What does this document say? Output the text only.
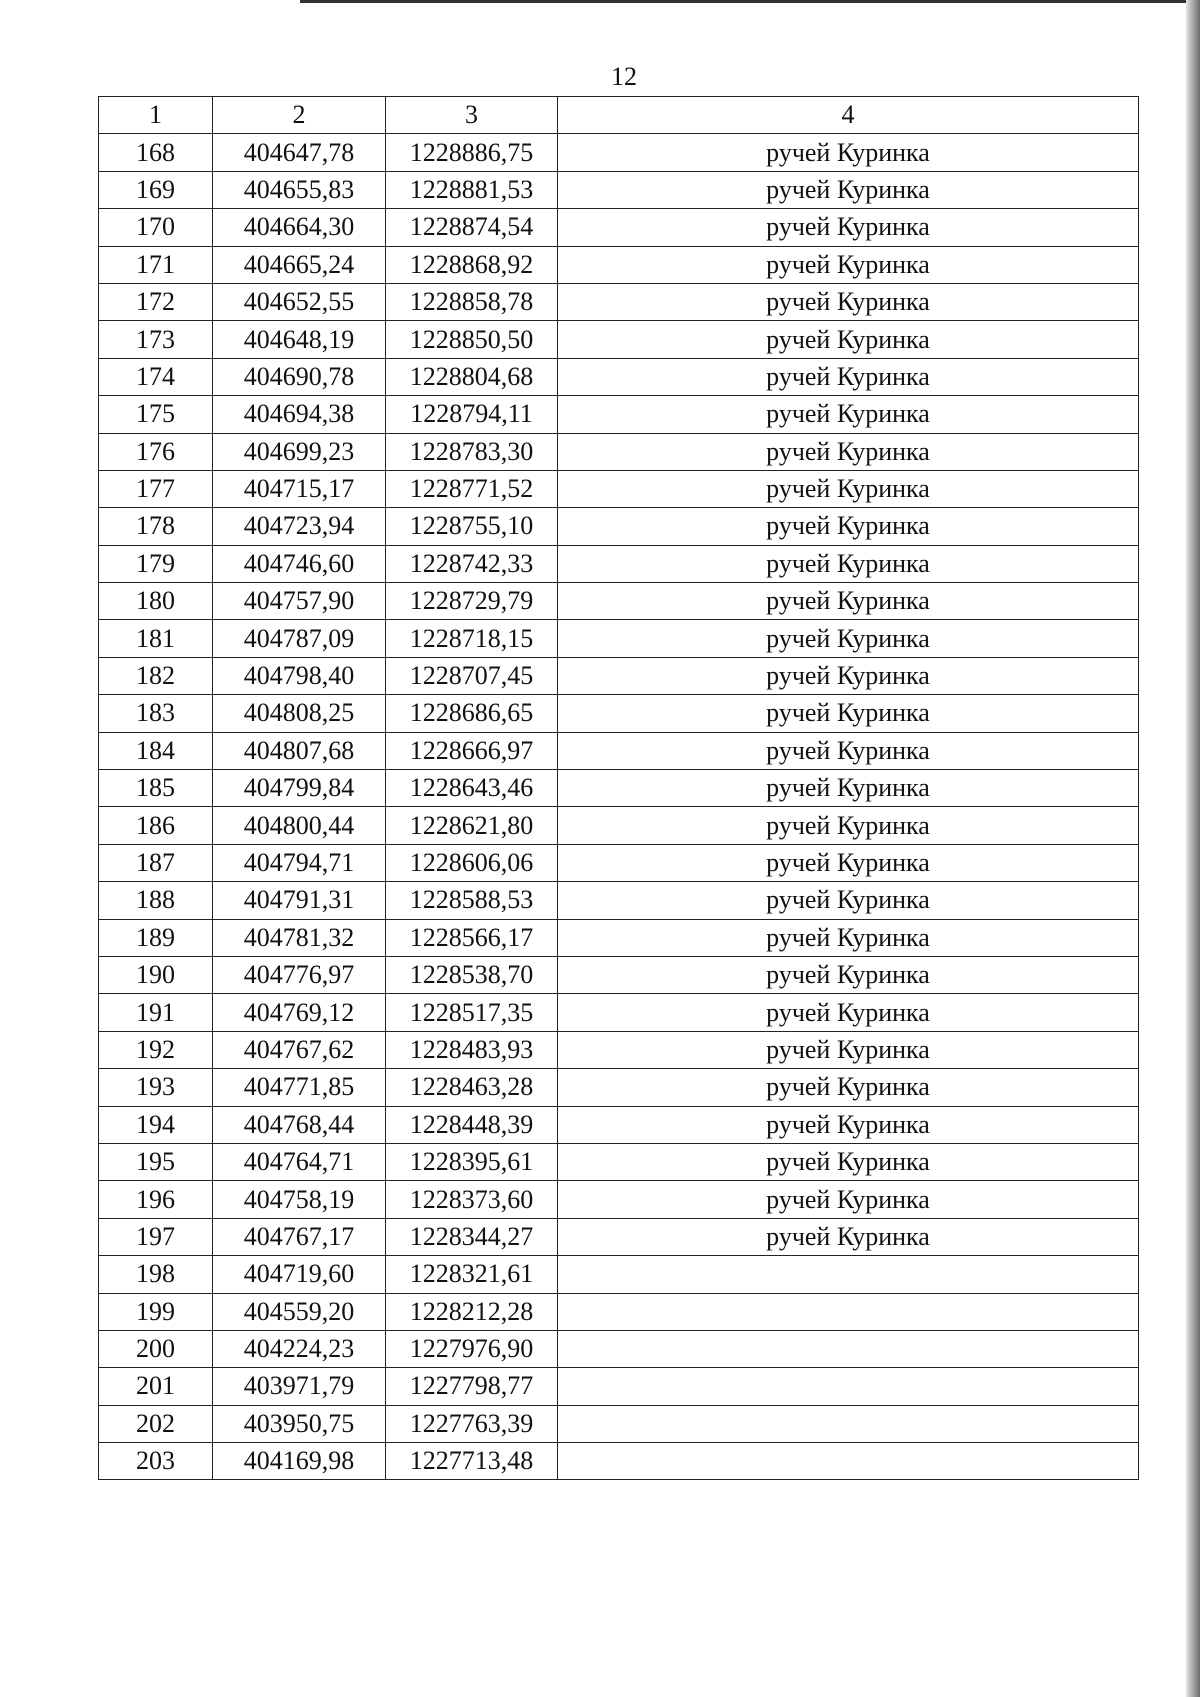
12
1	2	3	4
168	404647,78	1228886,75	ручей Куринка
169	404655,83	1228881,53	ручей Куринка
170	404664,30	1228874,54	ручей Куринка
171	404665,24	1228868,92	ручей Куринка
172	404652,55	1228858,78	ручей Куринка
173	404648,19	1228850,50	ручей Куринка
174	404690,78	1228804,68	ручей Куринка
175	404694,38	1228794,11	ручей Куринка
176	404699,23	1228783,30	ручей Куринка
177	404715,17	1228771,52	ручей Куринка
178	404723,94	1228755,10	ручей Куринка
179	404746,60	1228742,33	ручей Куринка
180	404757,90	1228729,79	ручей Куринка
181	404787,09	1228718,15	ручей Куринка
182	404798,40	1228707,45	ручей Куринка
183	404808,25	1228686,65	ручей Куринка
184	404807,68	1228666,97	ручей Куринка
185	404799,84	1228643,46	ручей Куринка
186	404800,44	1228621,80	ручей Куринка
187	404794,71	1228606,06	ручей Куринка
188	404791,31	1228588,53	ручей Куринка
189	404781,32	1228566,17	ручей Куринка
190	404776,97	1228538,70	ручей Куринка
191	404769,12	1228517,35	ручей Куринка
192	404767,62	1228483,93	ручей Куринка
193	404771,85	1228463,28	ручей Куринка
194	404768,44	1228448,39	ручей Куринка
195	404764,71	1228395,61	ручей Куринка
196	404758,19	1228373,60	ручей Куринка
197	404767,17	1228344,27	ручей Куринка
198	404719,60	1228321,61	
199	404559,20	1228212,28	
200	404224,23	1227976,90	
201	403971,79	1227798,77	
202	403950,75	1227763,39	
203	404169,98	1227713,48	
